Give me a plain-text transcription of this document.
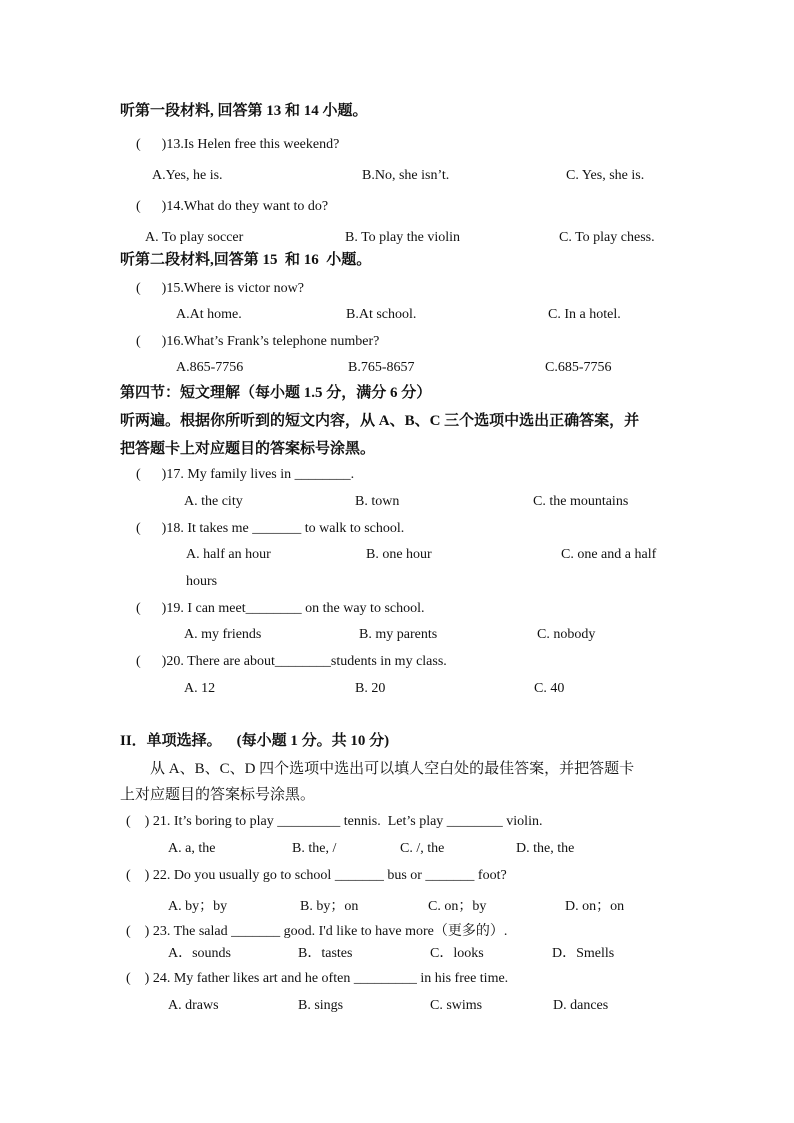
听第一段材料, 回答第 13 和 14 小题。
(      )13.Is Helen free this weekend?
A.Yes, he is.	B.No, she isn’t.	C. Yes, she is.
(      )14.What do they want to do?
A. To play soccer	B. To play the violin	C. To play chess.
听第二段材料,回答第 15  和 16  小题。
(      )15.Where is victor now?
A.At home.	B.At school.	C. In a hotel.
(      )16.What’s Frank’s telephone number?
A.865-7756	B.765-8657	C.685-7756
第四节：短文理解（每小题 1.5 分，满分 6 分）
听两遍。根据你所听到的短文内容，从 A、B、C 三个选项中选出正确答案，并
把答题卡上对应题目的答案标号涂黑。
(      )17. My family lives in ________.
A. the city	B. town	C. the mountains
(      )18. It takes me _______ to walk to school.
A. half an hour	B. one hour	C. one and a half
hours
(      )19. I can meet________ on the way to school.
A. my friends	B. my parents	C. nobody
(      )20. There are about________students in my class.
A. 12	B. 20	C. 40
II．单项选择。    (每小题 1 分。共 10 分)
从 A、B、C、D 四个选项中选出可以填人空白处的最佳答案，并把答题卡
上对应题目的答案标号涂黑。
(    ) 21. It’s boring to play _________ tennis.  Let’s play ________ violin.
A. a, the	B. the, /	C. /, the	D. the, the
(    ) 22. Do you usually go to school _______ bus or _______ foot?
A. by；by	B. by；on	C. on；by	D. on；on
(    ) 23. The salad _______ good. I'd like to have more（更多的）.
A．sounds	B．tastes	C．looks	D．Smells
(    ) 24. My father likes art and he often _________ in his free time.
A. draws	B. sings	C. swims	D. dances
